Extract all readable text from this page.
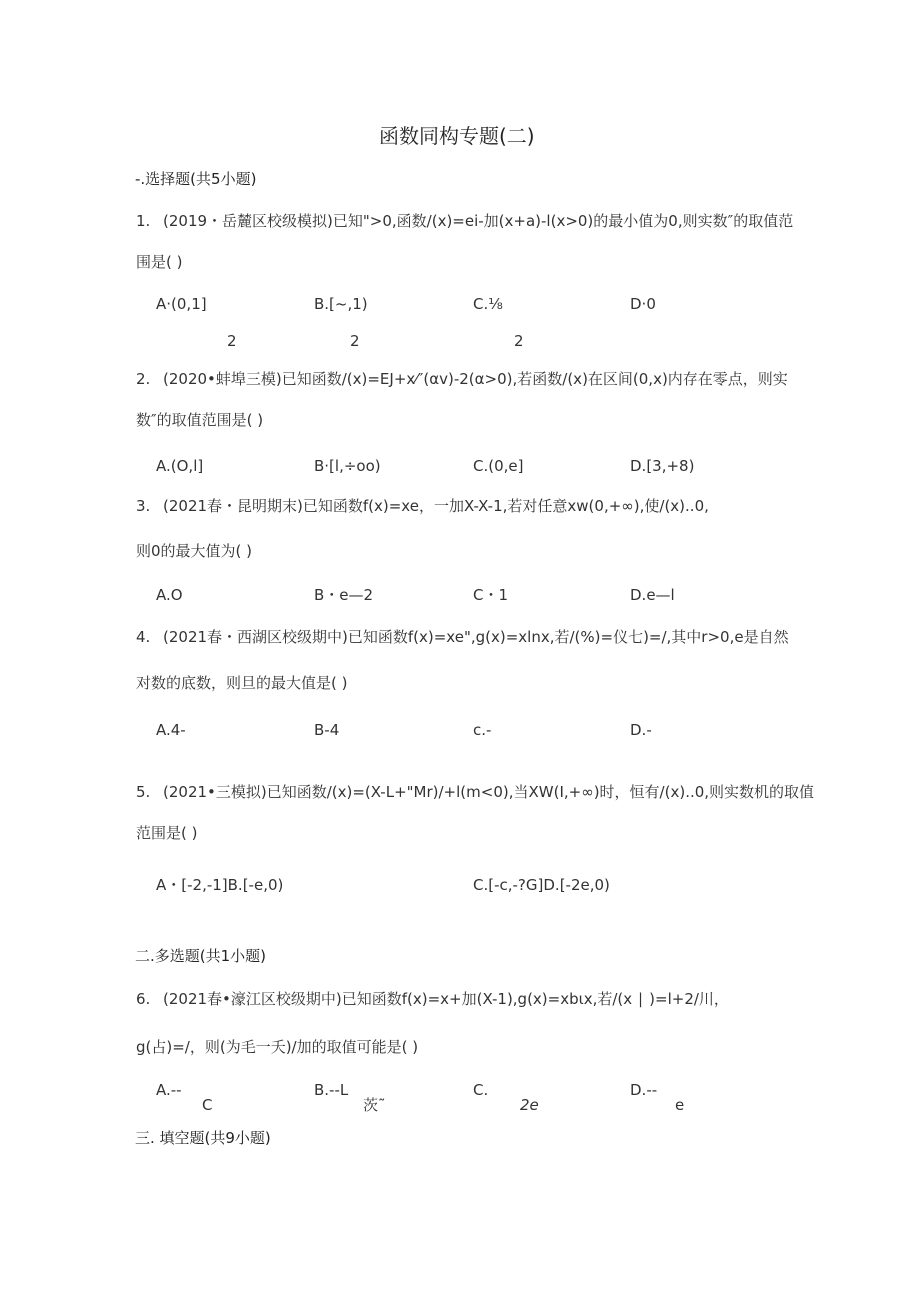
函数同构专题(二)
-.选择题(共5小题)
1. (2019・岳麓区校级模拟)已知">0,函数/(x)=ei-加(x+a)-l(x>0)的最小值为0,则实数″的取值范
围是( )
A·(0,1]	B.[~,1)	C.⅛	D·0
2	2	2
2. (2020•蚌埠三模)已知函数/(x)=EJ+x⁄″(αv)-2(α>0),若函数/(x)在区间(0,x)内存在零点，则实
数″的取值范围是( )
A.(O,l]	B·[l,÷oo)	C.(0,e]	D.[3,+8)
3. (2021春・昆明期末)已知函数f(x)=xe，一加X-X-1,若对任意xw(0,+∞),使/(x)..0,
则0的最大值为( )
A.O	B・e—2	C・1	D.e—l
4. (2021春・西湖区校级期中)已知函数f(x)=xe",g(x)=xlnx,若/(%)=仪七)=/,其中r>0,e是自然
对数的底数，则旦的最大值是( )
A.4-	B-4	c.-	D.-
5. (2021•三模拟)已知函数/(x)=(X-L+"Mr)/+l(m<0),当XW(I,+∞)时，恒有/(x)..0,则实数机的取值
范围是( )
A・[-2,-1]B.[-e,0)	C.[-c,-?G]D.[-2e,0)
二.多选题(共1小题)
6. (2021春•濠江区校级期中)已知函数f(x)=x+加(X-1),g(x)=xbιx,若/(x ∣ )=l+2/川，
g(占)=/，则(为毛一夭)/加的取值可能是( )
A.--	B.--L	C.	D.--
C	茨˜	2e	e
三. 填空题(共9小题)
